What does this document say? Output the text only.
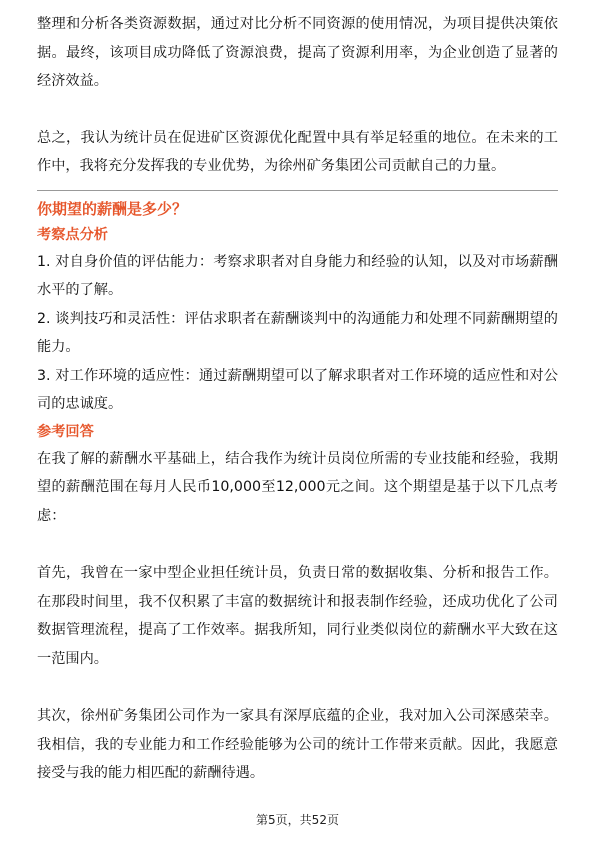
整理和分析各类资源数据，通过对比分析不同资源的使用情况，为项目提供决策依据。最终，该项目成功降低了资源浪费，提高了资源利用率，为企业创造了显著的经济效益。

总之，我认为统计员在促进矿区资源优化配置中具有举足轻重的地位。在未来的工作中，我将充分发挥我的专业优势，为徐州矿务集团公司贡献自己的力量。

你期望的薪酬是多少？

考察点分析

1. 对自身价值的评估能力：考察求职者对自身能力和经验的认知，以及对市场薪酬水平的了解。

2. 谈判技巧和灵活性：评估求职者在薪酬谈判中的沟通能力和处理不同薪酬期望的能力。

3. 对工作环境的适应性：通过薪酬期望可以了解求职者对工作环境的适应性和对公司的忠诚度。

参考回答

在我了解的薪酬水平基础上，结合我作为统计员岗位所需的专业技能和经验，我期望的薪酬范围在每月人民币10,000至12,000元之间。这个期望是基于以下几点考虑：

首先，我曾在一家中型企业担任统计员，负责日常的数据收集、分析和报告工作。在那段时间里，我不仅积累了丰富的数据统计和报表制作经验，还成功优化了公司数据管理流程，提高了工作效率。据我所知，同行业类似岗位的薪酬水平大致在这一范围内。

其次，徐州矿务集团公司作为一家具有深厚底蕴的企业，我对加入公司深感荣幸。我相信，我的专业能力和工作经验能够为公司的统计工作带来贡献。因此，我愿意接受与我的能力相匹配的薪酬待遇。

第5页，共52页
